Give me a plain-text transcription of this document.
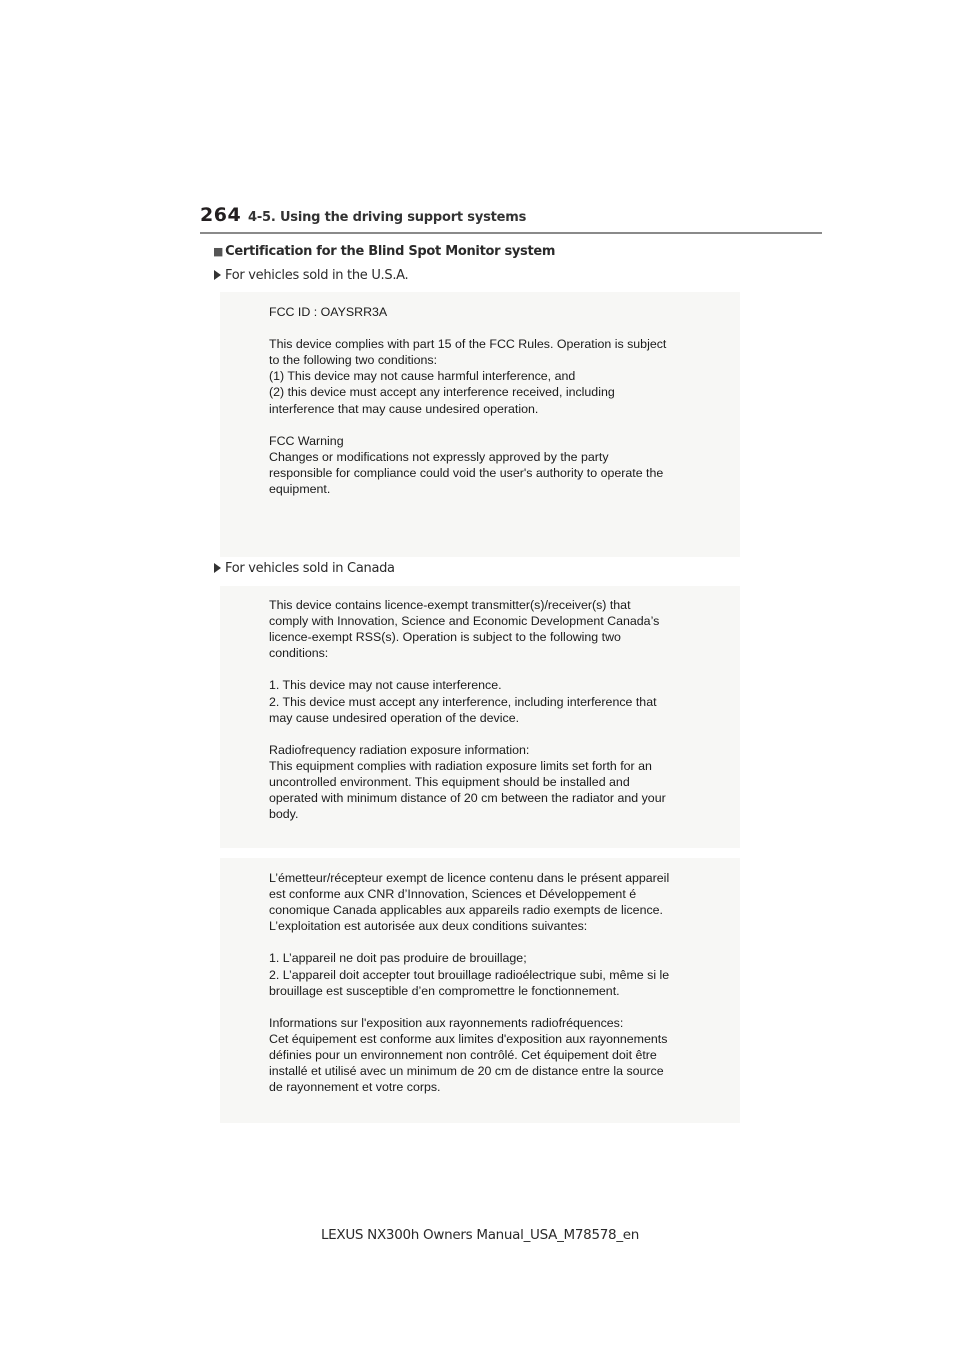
264 4-5. Using the driving support systems
■ Certification for the Blind Spot Monitor system
For vehicles sold in the U.S.A.
FCC ID : OAYSRR3A

This device complies with part 15 of the FCC Rules. Operation is subject
to the following two conditions:
(1) This device may not cause harmful interference, and
(2) this device must accept any interference received, including
interference that may cause undesired operation.

FCC Warning
Changes or modifications not expressly approved by the party
responsible for compliance could void the user's authority to operate the
equipment.
For vehicles sold in Canada
This device contains licence-exempt transmitter(s)/receiver(s) that
comply with Innovation, Science and Economic Development Canada’s
licence-exempt RSS(s). Operation is subject to the following two
conditions:

1. This device may not cause interference.
2. This device must accept any interference, including interference that
may cause undesired operation of the device.

Radiofrequency radiation exposure information:
This equipment complies with radiation exposure limits set forth for an
uncontrolled environment. This equipment should be installed and
operated with minimum distance of 20 cm between the radiator and your
body.
L’émetteur/récepteur exempt de licence contenu dans le présent appareil
est conforme aux CNR d’Innovation, Sciences et Développement é
conomique Canada applicables aux appareils radio exempts de licence.
L’exploitation est autorisée aux deux conditions suivantes:

1. L’appareil ne doit pas produire de brouillage;
2. L’appareil doit accepter tout brouillage radioélectrique subi, même si le
brouillage est susceptible d’en compromettre le fonctionnement.

Informations sur l'exposition aux rayonnements radiofréquences:
Cet équipement est conforme aux limites d'exposition aux rayonnements
définies pour un environnement non contrôlé. Cet équipement doit être
installé et utilisé avec un minimum de 20 cm de distance entre la source
de rayonnement et votre corps.
LEXUS NX300h Owners Manual_USA_M78578_en
